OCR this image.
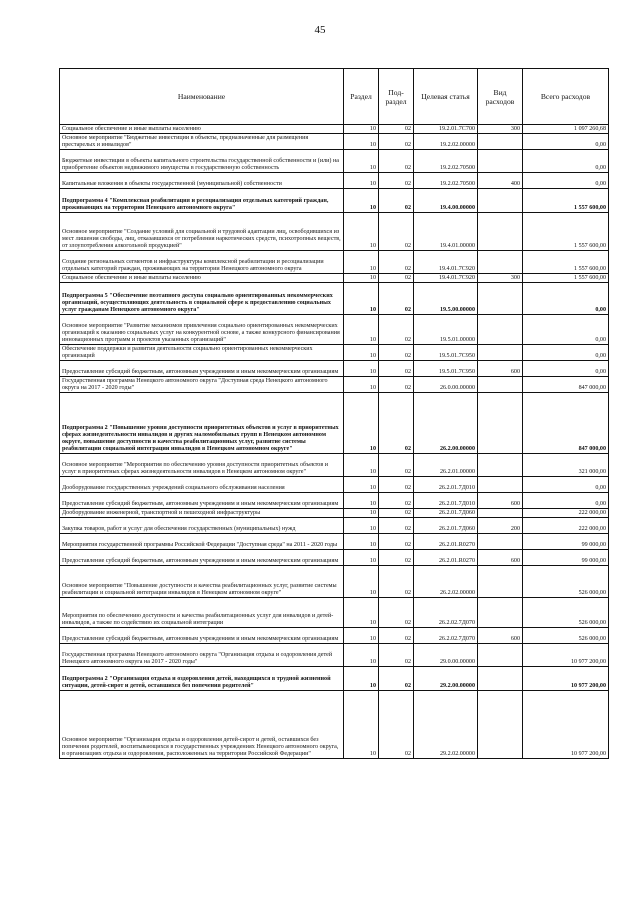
45
Наименование	Раздел	Под-раздел	Целевая статья	Вид расходов	Всего расходов
Социальное обеспечение и иные выплаты населению	10	02	19.2.01.7С700	300	1 097 260,68
Основное мероприятие "Бюджетные инвестиции в объекты, предназначенные для размещения престарелых и инвалидов"	10	02	19.2.02.00000		0,00
Бюджетные инвестиции в объекты капитального строительства государственной собственности и (или) на приобретение объектов недвижимого имущества в государственную собственность	10	02	19.2.02.70500		0,00
Капитальные вложения в объекты государственной (муниципальной) собственности	10	02	19.2.02.70500	400	0,00
Подпрограмма 4 "Комплексная реабилитация и ресоциализация отдельных категорий граждан, проживающих на территории Ненецкого автономного округа"	10	02	19.4.00.00000		1 557 600,00
Основное мероприятие "Создание условий для социальной и трудовой адаптации лиц, освободившихся из мест лишения свободы, лиц, отказавшихся от потребления наркотических средств, психотропных веществ, от злоупотребления алкогольной продукцией"	10	02	19.4.01.00000		1 557 600,00
Создание региональных сегментов и инфраструктуры комплексной реабилитации и ресоциализации отдельных категорий граждан, проживающих на территории Ненецкого автономного округа	10	02	19.4.01.7С920		1 557 600,00
Социальное обеспечение и иные выплаты населению	10	02	19.4.01.7С920	300	1 557 600,00
Подпрограмма 5 "Обеспечение поэтапного доступа социально ориентированных некоммерческих организаций, осуществляющих деятельность в социальной сфере к предоставлению социальных услуг гражданам Ненецкого автономного округа"	10	02	19.5.00.00000		0,00
Основное мероприятие "Развитие механизмов привлечения социально ориентированных некоммерческих организаций к оказанию социальных услуг на конкурентной основе, а также конкурсного финансирования инновационных программ и проектов указанных организаций"	10	02	19.5.01.00000		0,00
Обеспечение поддержки и развития деятельности социально ориентированных некоммерческих организаций	10	02	19.5.01.7С950		0,00
Предоставление субсидий бюджетным, автономным учреждениям и иным некоммерческим организациям	10	02	19.5.01.7С950	600	0,00
Государственная программа Ненецкого автономного округа "Доступная среда Ненецкого автономного округа на 2017 - 2020 годы"	10	02	26.0.00.00000		847 000,00
Подпрограмма 2 "Повышение уровня доступности приоритетных объектов и услуг в приоритетных сферах жизнедеятельности инвалидов и других маломобильных групп в Ненецком автономном округе, повышение доступности и качества реабилитационных услуг, развитие системы реабилитации социальной интеграции инвалидов в Ненецком автономном округе"	10	02	26.2.00.00000		847 000,00
Основное мероприятие "Мероприятия по обеспечению уровня доступности приоритетных объектов и услуг в приоритетных сферах жизнедеятельности инвалидов в Ненецком автономном округе"	10	02	26.2.01.00000		321 000,00
Дооборудование государственных учреждений социального обслуживания населения	10	02	26.2.01.7Д010		0,00
Предоставление субсидий бюджетным, автономным учреждениям и иным некоммерческим организациям	10	02	26.2.01.7Д010	600	0,00
Дооборудование инженерной, транспортной и пешеходной инфраструктуры	10	02	26.2.01.7Д060		222 000,00
Закупка товаров, работ и услуг для обеспечения государственных (муниципальных) нужд	10	02	26.2.01.7Д060	200	222 000,00
Мероприятия государственной программы Российской Федерации "Доступная среда" на 2011 - 2020 годы	10	02	26.2.01.R0270		99 000,00
Предоставление субсидий бюджетным, автономным учреждениям и иным некоммерческим организациям	10	02	26.2.01.R0270	600	99 000,00
Основное мероприятие "Повышение доступности и качества реабилитационных услуг, развитие системы реабилитации и социальной интеграции инвалидов в Ненецком автономном округе"	10	02	26.2.02.00000		526 000,00
Мероприятия по обеспечению доступности и качества реабилитационных услуг для инвалидов и детей-инвалидов, а также по содействию их социальной интеграции	10	02	26.2.02.7Д070		526 000,00
Предоставление субсидий бюджетным, автономным учреждениям и иным некоммерческим организациям	10	02	26.2.02.7Д070	600	526 000,00
Государственная программа Ненецкого автономного округа "Организация отдыха и оздоровления детей Ненецкого автономного округа на 2017 - 2020 годы"	10	02	29.0.00.00000		10 977 200,00
Подпрограмма 2 "Организация отдыха и оздоровления детей, находящихся в трудной жизненной ситуации, детей-сирот и детей, оставшихся без попечения родителей"	10	02	29.2.00.00000		10 977 200,00
Основное мероприятие "Организация отдыха и оздоровления детей-сирот и детей, оставшихся без попечения родителей, воспитывающихся в государственных учреждениях Ненецкого автономного округа, в организациях отдыха и оздоровления, расположенных на территории Российской Федерации"	10	02	29.2.02.00000		10 977 200,00
